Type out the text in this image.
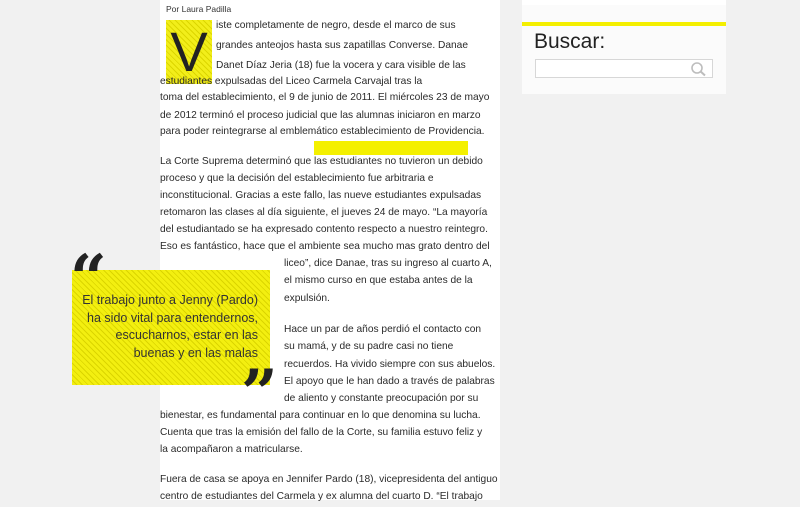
Por Laura Padilla
V iste completamente de negro, desde el marco de sus

grandes anteojos hasta sus zapatillas Converse. Danae

Danet Díaz Jeria (18) fue la vocera y cara visible de las

estudiantes expulsadas del Liceo Carmela Carvajal tras la

toma del establecimiento, el 9 de junio de 2011. El miércoles 23 de mayo

de 2012 terminó el proceso judicial que las alumnas iniciaron en marzo

para poder reintegrarse al emblemático establecimiento de Providencia.

La Corte Suprema determinó que las estudiantes no tuvieron un debido

proceso y que la decisión del establecimiento fue arbitraria e

inconstitucional. Gracias a este fallo, las nueve estudiantes expulsadas

retomaron las clases al día siguiente, el jueves 24 de mayo. “La mayoría

del estudiantado se ha expresado contento respecto a nuestro reintegro.

Eso es fantástico, hace que el ambiente sea mucho mas grato dentro del

liceo”, dice Danae, tras su ingreso al cuarto A,

el mismo curso en que estaba antes de la

expulsión.

Hace un par de años perdió el contacto con

su mamá, y de su padre casi no tiene

recuerdos. Ha vivido siempre con sus abuelos.

El apoyo que le han dado a través de palabras

de aliento y constante preocupación por su

bienestar, es fundamental para continuar en lo que denomina su lucha.

Cuenta que tras la emisión del fallo de la Corte, su familia estuvo feliz y

la acompañaron a matricularse.

Fuera de casa se apoya en Jennifer Pardo (18), vicepresidenta del antiguo

centro de estudiantes del Carmela y ex alumna del cuarto D. “El trabajo

El trabajo junto a Jenny (Pardo)
ha sido vital para entendernos,
escucharnos, estar en las
buenas y en las malas
“
”
Buscar:
